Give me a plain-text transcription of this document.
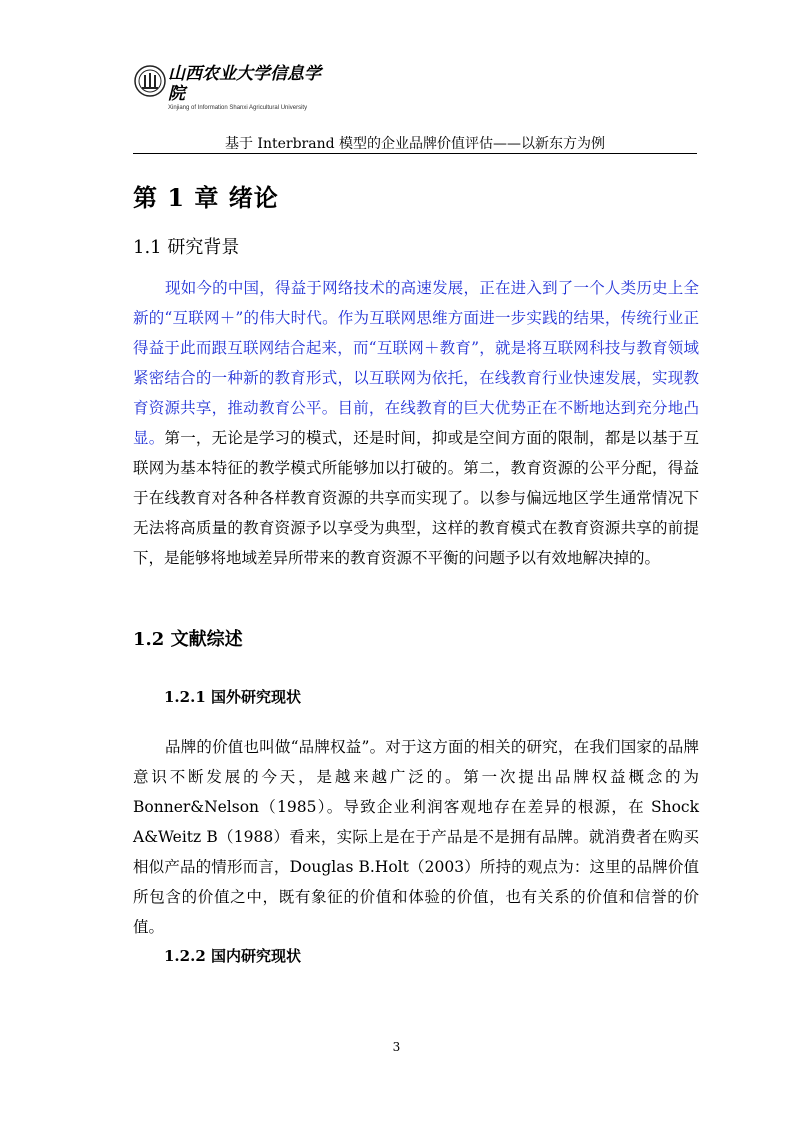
山西农业大学信息学院
Xinjiang of Information Shanxi Agricultural University
基于 Interbrand 模型的企业品牌价值评估——以新东方为例
第 1 章 绪论
1.1 研究背景

现如今的中国，得益于网络技术的高速发展，正在进入到了一个人类历史上全新的“互联网＋”的伟大时代。作为互联网思维方面进一步实践的结果，传统行业正得益于此而跟互联网结合起来，而“互联网＋教育”，就是将互联网科技与教育领域紧密结合的一种新的教育形式，以互联网为依托，在线教育行业快速发展，实现教育资源共享，推动教育公平。目前，在线教育的巨大优势正在不断地达到充分地凸显。第一，无论是学习的模式，还是时间，抑或是空间方面的限制，都是以基于互联网为基本特征的教学模式所能够加以打破的。第二，教育资源的公平分配，得益于在线教育对各种各样教育资源的共享而实现了。以参与偏远地区学生通常情况下无法将高质量的教育资源予以享受为典型，这样的教育模式在教育资源共享的前提下，是能够将地域差异所带来的教育资源不平衡的问题予以有效地解决掉的。

1.2 文献综述
1.2.1 国外研究现状

品牌的价值也叫做“品牌权益”。对于这方面的相关的研究，在我们国家的品牌意识不断发展的今天，是越来越广泛的。第一次提出品牌权益概念的为Bonner&Nelson（1985）。导致企业利润客观地存在差异的根源，在 Shock A&Weitz B（1988）看来，实际上是在于产品是不是拥有品牌。就消费者在购买相似产品的情形而言，Douglas B.Holt（2003）所持的观点为：这里的品牌价值所包含的价值之中，既有象征的价值和体验的价值，也有关系的价值和信誉的价值。

1.2.2 国内研究现状
3
